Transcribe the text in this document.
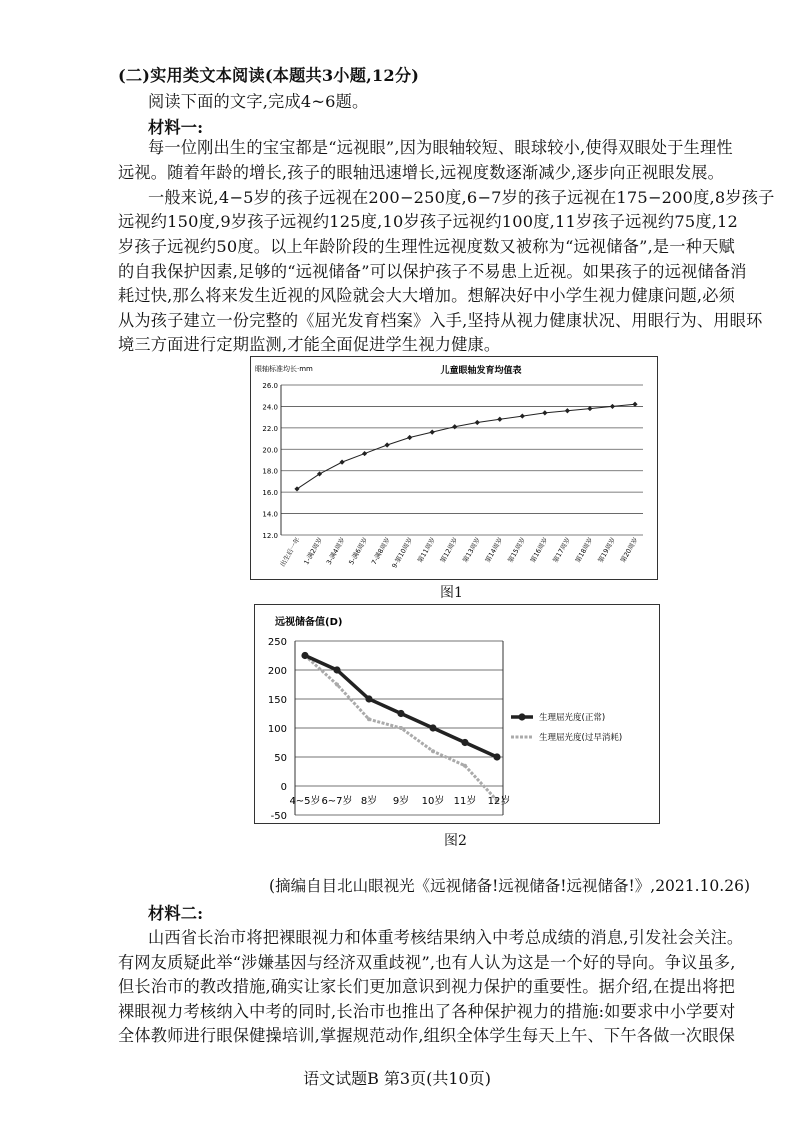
(二)实用类文本阅读(本题共3小题,12分)
阅读下面的文字,完成4~6题。
材料一:
每一位刚出生的宝宝都是“远视眼”,因为眼轴较短、眼球较小,使得双眼处于生理性
远视。随着年龄的增长,孩子的眼轴迅速增长,远视度数逐渐减少,逐步向正视眼发展。
一般来说,4−5岁的孩子远视在200−250度,6−7岁的孩子远视在175−200度,8岁孩子
远视约150度,9岁孩子远视约125度,10岁孩子远视约100度,11岁孩子远视约75度,12
岁孩子远视约50度。以上年龄阶段的生理性远视度数又被称为“远视储备”,是一种天赋
的自我保护因素,足够的“远视储备”可以保护孩子不易患上近视。如果孩子的远视储备消
耗过快,那么将来发生近视的风险就会大大增加。想解决好中小学生视力健康问题,必须
从为孩子建立一份完整的《屈光发育档案》入手,坚持从视力健康状况、用眼行为、用眼环
境三方面进行定期监测,才能全面促进学生视力健康。
眼轴标准均长·mm	儿童眼轴发育均值表
26.0
24.0
22.0
20.0
18.0
16.0
14.0
12.0 出生后一年 1-满2周岁 3-满4周岁 5-满6周岁 7-满8周岁
9-第10周岁 第11周岁 第12周岁 第13周岁 第14周岁 第15周岁 第16周岁 第17周岁 第18周岁 第19周岁 第20周岁
图1
远视储备值(D)
250
200
150
100
50
0
-50
4~5岁 6~7岁 8岁 9岁 10岁 11岁 12岁
生理屈光度(正常)
生理屈光度(过早消耗)
图2
(摘编自目北山眼视光《远视储备!远视储备!远视储备!》,2021.10.26)
材料二:
山西省长治市将把裸眼视力和体重考核结果纳入中考总成绩的消息,引发社会关注。
有网友质疑此举“涉嫌基因与经济双重歧视”,也有人认为这是一个好的导向。争议虽多,
但长治市的教改措施,确实让家长们更加意识到视力保护的重要性。据介绍,在提出将把
裸眼视力考核纳入中考的同时,长治市也推出了各种保护视力的措施:如要求中小学要对
全体教师进行眼保健操培训,掌握规范动作,组织全体学生每天上午、下午各做一次眼保
语文试题B 第3页(共10页)
